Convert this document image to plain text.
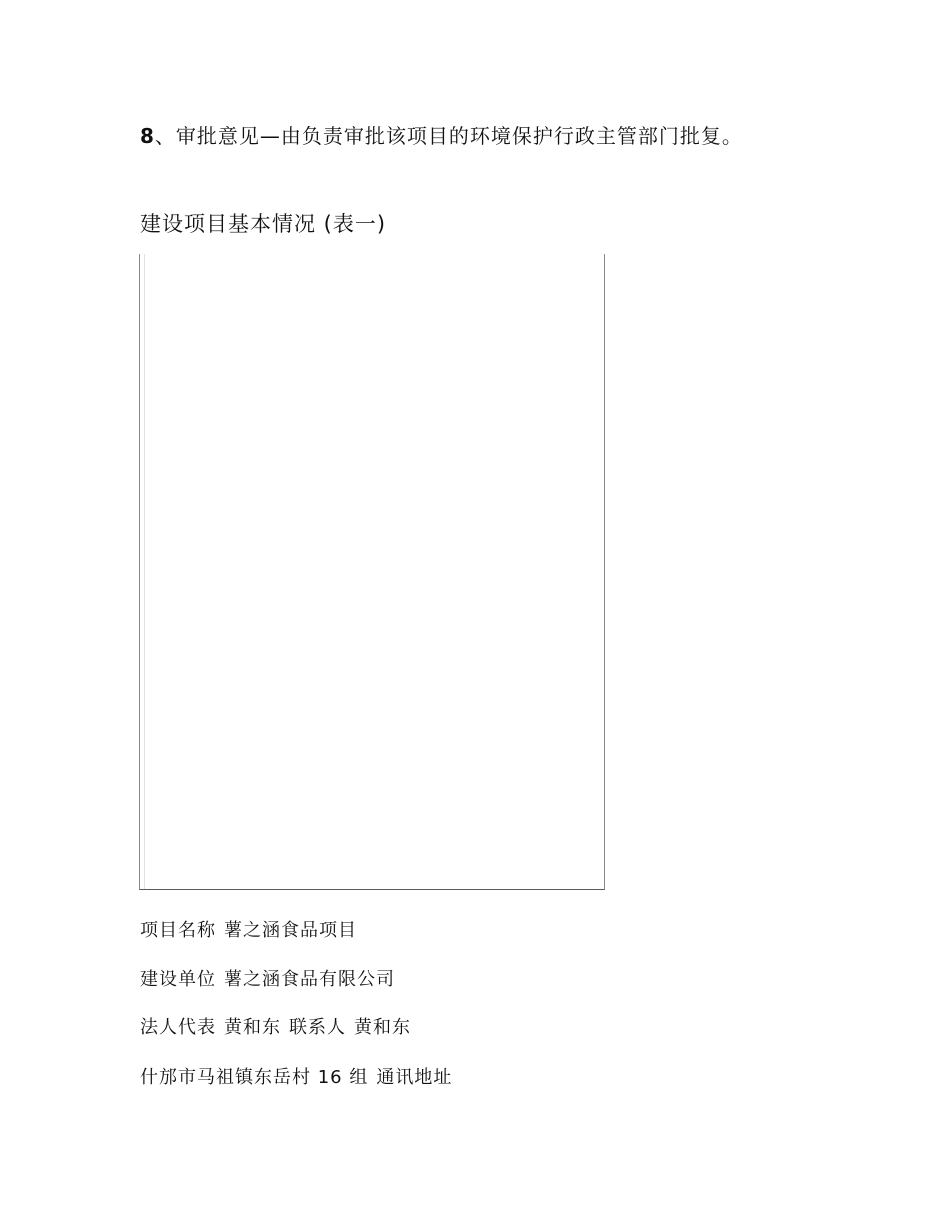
8、审批意见—由负责审批该项目的环境保护行政主管部门批复。
建设项目基本情况 (表一)
项目名称 薯之涵食品项目
建设单位 薯之涵食品有限公司
法人代表 黄和东 联系人 黄和东
什邡市马祖镇东岳村 16 组 通讯地址
